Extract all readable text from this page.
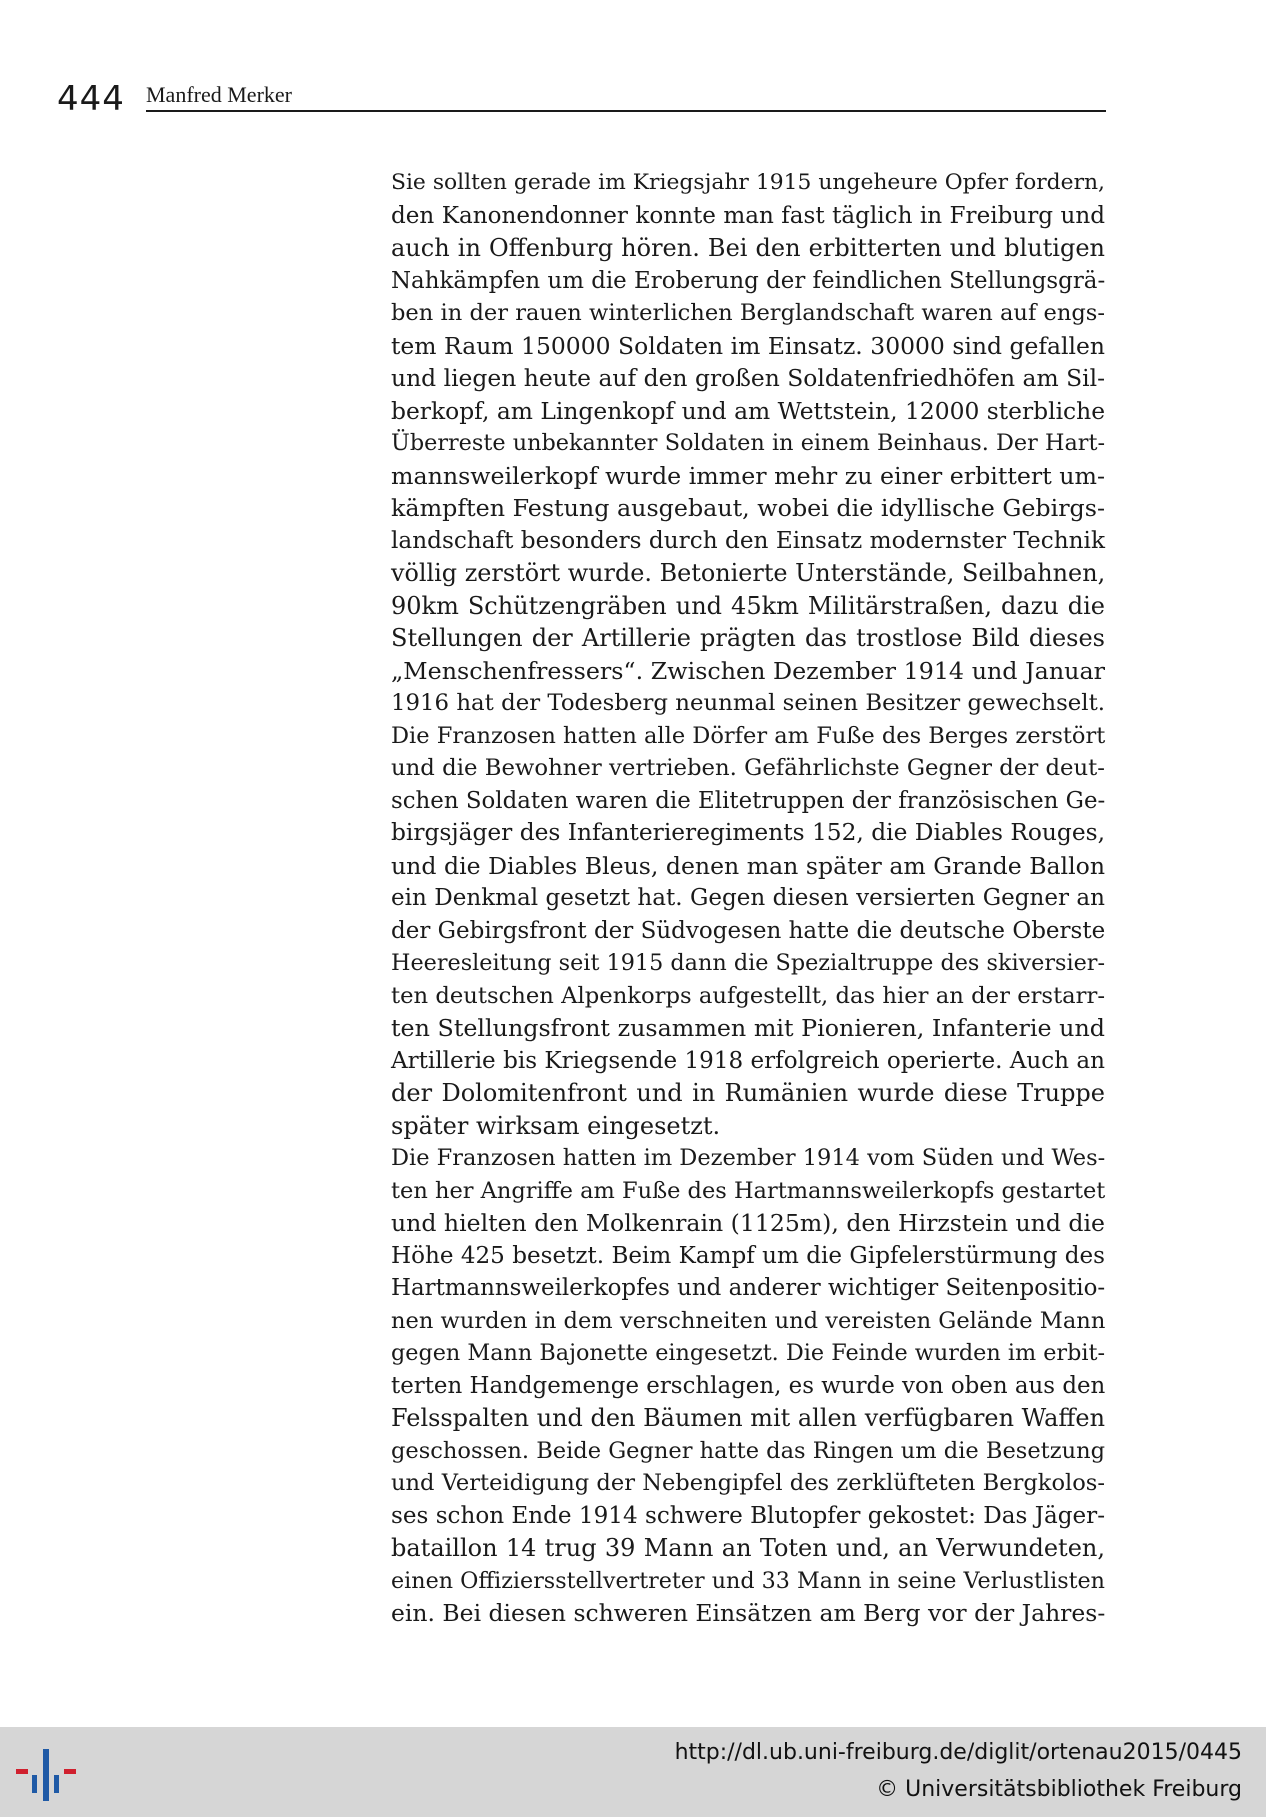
444 Manfred Merker
Sie sollten gerade im Kriegsjahr 1915 ungeheure Opfer fordern,
den Kanonendonner konnte man fast täglich in Freiburg und
auch in Offenburg hören. Bei den erbitterten und blutigen
Nahkämpfen um die Eroberung der feindlichen Stellungsgrä-
ben in der rauen winterlichen Berglandschaft waren auf engs-
tem Raum 150000 Soldaten im Einsatz. 30000 sind gefallen
und liegen heute auf den großen Soldatenfriedhöfen am Sil-
berkopf, am Lingenkopf und am Wettstein, 12000 sterbliche
Überreste unbekannter Soldaten in einem Beinhaus. Der Hart-
mannsweilerkopf wurde immer mehr zu einer erbittert um-
kämpften Festung ausgebaut, wobei die idyllische Gebirgs-
landschaft besonders durch den Einsatz modernster Technik
völlig zerstört wurde. Betonierte Unterstände, Seilbahnen,
90km Schützengräben und 45km Militärstraßen, dazu die
Stellungen der Artillerie prägten das trostlose Bild dieses
„Menschenfressers“. Zwischen Dezember 1914 und Januar
1916 hat der Todesberg neunmal seinen Besitzer gewechselt.
Die Franzosen hatten alle Dörfer am Fuße des Berges zerstört
und die Bewohner vertrieben. Gefährlichste Gegner der deut-
schen Soldaten waren die Elitetruppen der französischen Ge-
birgsjäger des Infanterieregiments 152, die Diables Rouges,
und die Diables Bleus, denen man später am Grande Ballon
ein Denkmal gesetzt hat. Gegen diesen versierten Gegner an
der Gebirgsfront der Südvogesen hatte die deutsche Oberste
Heeresleitung seit 1915 dann die Spezialtruppe des skiversier-
ten deutschen Alpenkorps aufgestellt, das hier an der erstarr-
ten Stellungsfront zusammen mit Pionieren, Infanterie und
Artillerie bis Kriegsende 1918 erfolgreich operierte. Auch an
der Dolomitenfront und in Rumänien wurde diese Truppe
später wirksam eingesetzt.
Die Franzosen hatten im Dezember 1914 vom Süden und Wes-
ten her Angriffe am Fuße des Hartmannsweilerkopfs gestartet
und hielten den Molkenrain (1125m), den Hirzstein und die
Höhe 425 besetzt. Beim Kampf um die Gipfelerstürmung des
Hartmannsweilerkopfes und anderer wichtiger Seitenpositio-
nen wurden in dem verschneiten und vereisten Gelände Mann
gegen Mann Bajonette eingesetzt. Die Feinde wurden im erbit-
terten Handgemenge erschlagen, es wurde von oben aus den
Felsspalten und den Bäumen mit allen verfügbaren Waffen
geschossen. Beide Gegner hatte das Ringen um die Besetzung
und Verteidigung der Nebengipfel des zerklüfteten Bergkolos-
ses schon Ende 1914 schwere Blutopfer gekostet: Das Jäger-
bataillon 14 trug 39 Mann an Toten und, an Verwundeten,
einen Offiziersstellvertreter und 33 Mann in seine Verlustlisten
ein. Bei diesen schweren Einsätzen am Berg vor der Jahres-
http://dl.ub.uni-freiburg.de/diglit/ortenau2015/0445
© Universitätsbibliothek Freiburg
